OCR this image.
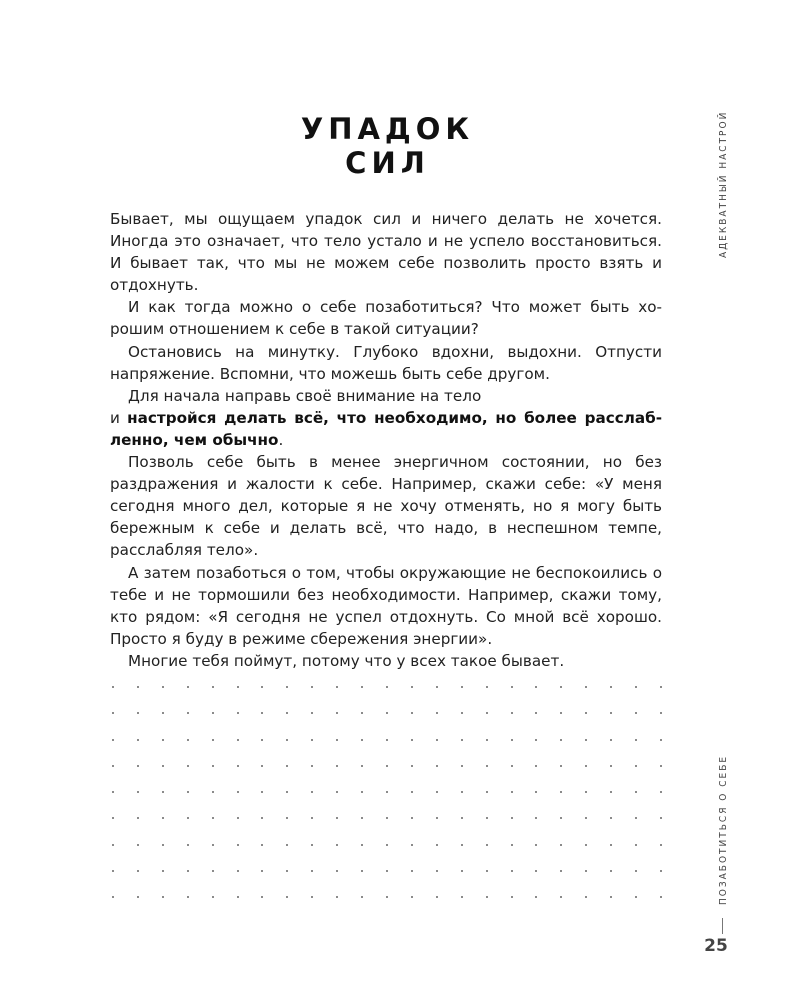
УПАДОК
СИЛ

Бывает, мы ощущаем упадок сил и ничего делать не хочется. Иногда это означает, что тело устало и не успело восстановиться. И бывает так, что мы не можем себе позволить просто взять и отдохнуть.

И как тогда можно о себе позаботиться? Что может быть хорошим отношением к себе в такой ситуации?

Остановись на минутку. Глубоко вдохни, выдохни. Отпусти напряжение. Вспомни, что можешь быть себе другом.

Для начала направь своё внимание на тело

и настройся делать всё, что необходимо, но более расслабленно, чем обычно.

Позволь себе быть в менее энергичном состоянии, но без раздражения и жалости к себе. Например, скажи себе: «У меня сегодня много дел, которые я не хочу отменять, но я могу быть бережным к себе и делать всё, что надо, в неспешном темпе, расслабляя тело».

А затем позаботься о том, чтобы окружающие не беспокоились о тебе и не тормошили без необходимости. Например, скажи тому, кто рядом: «Я сегодня не успел отдохнуть. Со мной всё хорошо. Просто я буду в режиме сбережения энергии».

Многие тебя поймут, потому что у всех такое бывает.

АДЕКВАТНЫЙ НАСТРОЙ
ПОЗАБОТИТЬСЯ О СЕБЕ
25
